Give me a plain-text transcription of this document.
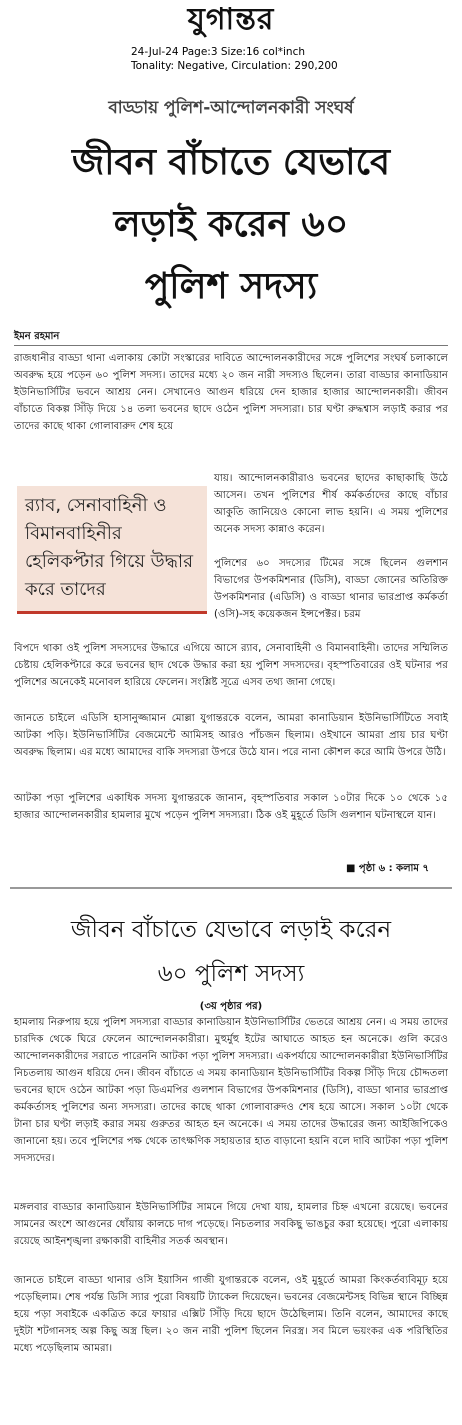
যুগান্তর
24-Jul-24 Page:3 Size:16 col*inch
Tonality: Negative, Circulation: 290,200
বাড্ডায় পুলিশ-আন্দোলনকারী সংঘর্ষ
জীবন বাঁচাতে যেভাবে
লড়াই করেন ৬০
পুলিশ সদস্য
ইমন রহমান

রাজধানীর বাড্ডা থানা এলাকায় কোটা সংস্কারের দাবিতে আন্দোলনকারীদের সঙ্গে পুলিশের সংঘর্ষ চলাকালে অবরুদ্ধ হয়ে পড়েন ৬০ পুলিশ সদস্য। তাদের মধ্যে ২০ জন নারী সদস্যও ছিলেন। তারা বাড্ডার কানাডিয়ান ইউনিভার্সিটির ভবনে আশ্রয় নেন। সেখানেও আগুন ধরিয়ে দেন হাজার হাজার আন্দোলনকারী। জীবন বাঁচাতে বিকল্প সিঁড়ি দিয়ে ১৪ তলা ভবনের ছাদে ওঠেন পুলিশ সদস্যরা। চার ঘণ্টা রুদ্ধশ্বাস লড়াই করার পর তাদের কাছে থাকা গোলাবারুদ শেষ হয়ে

র‍্যাব, সেনাবাহিনী ও বিমানবাহিনীর হেলিকপ্টার গিয়ে উদ্ধার করে তাদের

যায়। আন্দোলনকারীরাও ভবনের ছাদের কাছাকাছি উঠে আসেন। তখন পুলিশের শীর্ষ কর্মকর্তাদের কাছে বাঁচার আকুতি জানিয়েও কোনো লাভ হয়নি। এ সময় পুলিশের অনেক সদস্য কান্নাও করেন।

পুলিশের ৬০ সদস্যের টিমের সঙ্গে ছিলেন গুলশান বিভাগের উপকমিশনার (ডিসি), বাড্ডা জোনের অতিরিক্ত উপকমিশনার (এডিসি) ও বাড্ডা থানার ভারপ্রাপ্ত কর্মকর্তা (ওসি)-সহ কয়েকজন ইন্সপেক্টর। চরম

বিপদে থাকা ওই পুলিশ সদস্যদের উদ্ধারে এগিয়ে আসে র‍্যাব, সেনাবাহিনী ও বিমানবাহিনী। তাদের সম্মিলিত চেষ্টায় হেলিকপ্টারে করে ভবনের ছাদ থেকে উদ্ধার করা হয় পুলিশ সদস্যদের। বৃহস্পতিবারের ওই ঘটনার পর পুলিশের অনেকেই মনোবল হারিয়ে ফেলেন। সংশ্লিষ্ট সূত্রে এসব তথ্য জানা গেছে।

জানতে চাইলে এডিসি হাসানুজ্জামান মোল্লা যুগান্তরকে বলেন, আমরা কানাডিয়ান ইউনিভার্সিটিতে সবাই আটকা পড়ি। ইউনিভার্সিটির বেজমেন্টে আমিসহ আরও পাঁচজন ছিলাম। ওইখানে আমরা প্রায় চার ঘণ্টা অবরুদ্ধ ছিলাম। এর মধ্যে আমাদের বাকি সদস্যরা উপরে উঠে যান। পরে নানা কৌশল করে আমি উপরে উঠি।

আটকা পড়া পুলিশের একাধিক সদস্য যুগান্তরকে জানান, বৃহস্পতিবার সকাল ১০টার দিকে ১০ থেকে ১৫ হাজার আন্দোলনকারীর হামলার মুখে পড়েন পুলিশ সদস্যরা। ঠিক ওই মুহূর্তে ডিসি গুলশান ঘটনাস্থলে যান।

■ পৃষ্ঠা ৬ : কলাম ৭
জীবন বাঁচাতে যেভাবে লড়াই করেন
৬০ পুলিশ সদস্য
(৩য় পৃষ্ঠার পর)

হামলায় নিরুপায় হয়ে পুলিশ সদস্যরা বাড্ডার কানাডিয়ান ইউনিভার্সিটির ভেতরে আশ্রয় নেন। এ সময় তাদের চারদিক থেকে ঘিরে ফেলেন আন্দোলনকারীরা। মুহুর্মুহু ইটের আঘাতে আহত হন অনেকে। গুলি করেও আন্দোলনকারীদের সরাতে পারেননি আটকা পড়া পুলিশ সদস্যরা। একপর্যায়ে আন্দোলনকারীরা ইউনিভার্সিটির নিচতলায় আগুন ধরিয়ে দেন। জীবন বাঁচাতে এ সময় কানাডিয়ান ইউনিভার্সিটির বিকল্প সিঁড়ি দিয়ে চৌদ্দতলা ভবনের ছাদে ওঠেন আটকা পড়া ডিএমপির গুলশান বিভাগের উপকমিশনার (ডিসি), বাড্ডা থানার ভারপ্রাপ্ত কর্মকর্তাসহ পুলিশের অন্য সদস্যরা। তাদের কাছে থাকা গোলাবারুদও শেষ হয়ে আসে। সকাল ১০টা থেকে টানা চার ঘণ্টা লড়াই করার সময় গুরুতর আহত হন অনেকে। এ সময় তাদের উদ্ধারের জন্য আইজিপিকেও জানানো হয়। তবে পুলিশের পক্ষ থেকে তাৎক্ষণিক সহায়তার হাত বাড়ানো হয়নি বলে দাবি আটকা পড়া পুলিশ সদস্যদের।

মঙ্গলবার বাড্ডার কানাডিয়ান ইউনিভার্সিটির সামনে গিয়ে দেখা যায়, হামলার চিহ্ন এখনো রয়েছে। ভবনের সামনের অংশে আগুনের ধোঁয়ায় কালচে দাগ পড়েছে। নিচতলার সবকিছু ভাঙচুর করা হয়েছে। পুরো এলাকায় রয়েছে আইনশৃঙ্খলা রক্ষাকারী বাহিনীর সতর্ক অবস্থান।

জানতে চাইলে বাড্ডা থানার ওসি ইয়াসিন গাজী যুগান্তরকে বলেন, ওই মুহূর্তে আমরা কিংকর্তব্যবিমূঢ় হয়ে পড়েছিলাম। শেষ পর্যন্ত ডিসি স্যার পুরো বিষয়টি ট্যাকেল দিয়েছেন। ভবনের বেজমেন্টসহ বিভিন্ন স্থানে বিচ্ছিন্ন হয়ে পড়া সবাইকে একত্রিত করে ফায়ার এক্সিট সিঁড়ি দিয়ে ছাদে উঠেছিলাম। তিনি বলেন, আমাদের কাছে দুইটা শটগানসহ অল্প কিছু অস্ত্র ছিল। ২০ জন নারী পুলিশ ছিলেন নিরস্ত্র। সব মিলে ভয়ংকর এক পরিস্থিতির মধ্যে পড়েছিলাম আমরা।
